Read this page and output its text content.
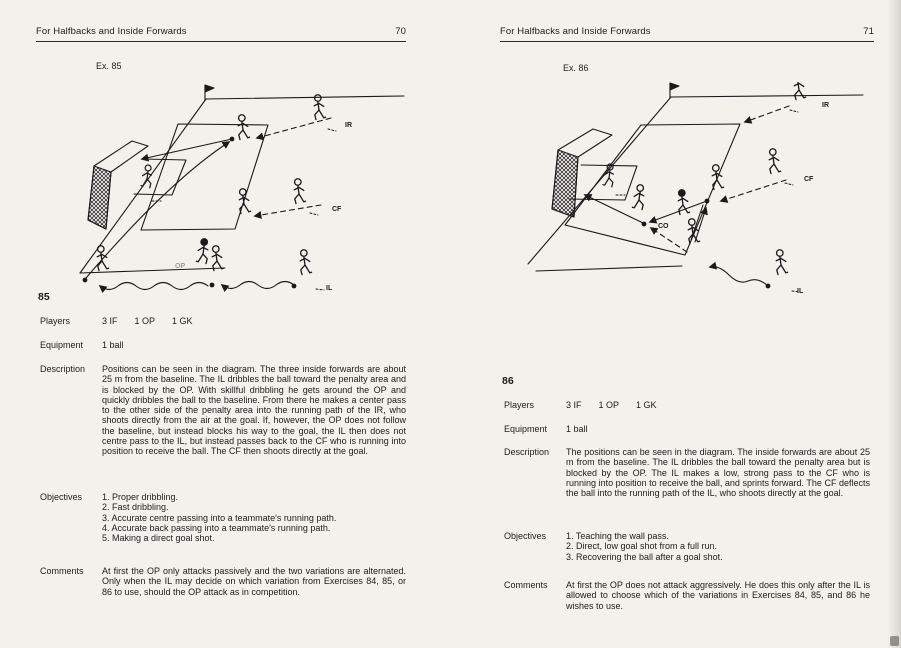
For Halfbacks and Inside Forwards	70
Ex. 85
IR
CF
OP
IL
85
Players	3 IF 1 OP 1 GK
Equipment	1 ball
Description	Positions can be seen in the diagram. The three inside forwards are about 25 m from the baseline. The IL dribbles the ball toward the penalty area and is blocked by the OP. With skillful dribbling he gets around the OP and quickly dribbles the ball to the baseline. From there he makes a center pass to the other side of the penalty area into the running path of the IR, who shoots directly from the air at the goal. If, however, the OP does not follow the baseline, but instead blocks his way to the goal, the IL then does not centre pass to the IL, but instead passes back to the CF who is running into position to receive the ball. The CF then shoots directly at the goal.
Objectives	1. Proper dribbling.
2. Fast dribbling.
3. Accurate centre passing into a teammate's running path.
4. Accurate back passing into a teammate's running path.
5. Making a direct goal shot.
Comments	At first the OP only attacks passively and the two variations are alternated. Only when the IL may decide on which variation from Exercises 84, 85, or 86 to use, should the OP attack as in competition.
For Halfbacks and Inside Forwards	71
Ex. 86
IR
CF
CO
IL
86
Players	3 IF 1 OP 1 GK
Equipment	1 ball
Description	The positions can be seen in the diagram. The inside forwards are about 25 m from the baseline. The IL dribbles the ball toward the penalty area but is blocked by the OP. The IL makes a low, strong pass to the CF who is running into position to receive the ball, and sprints forward. The CF deflects the ball into the running path of the IL, who shoots directly at the goal.
Objectives	1. Teaching the wall pass.
2. Direct, low goal shot from a full run.
3. Recovering the ball after a goal shot.
Comments	At first the OP does not attack aggressively. He does this only after the IL is allowed to choose which of the variations in Exercises 84, 85, and 86 he wishes to use.
